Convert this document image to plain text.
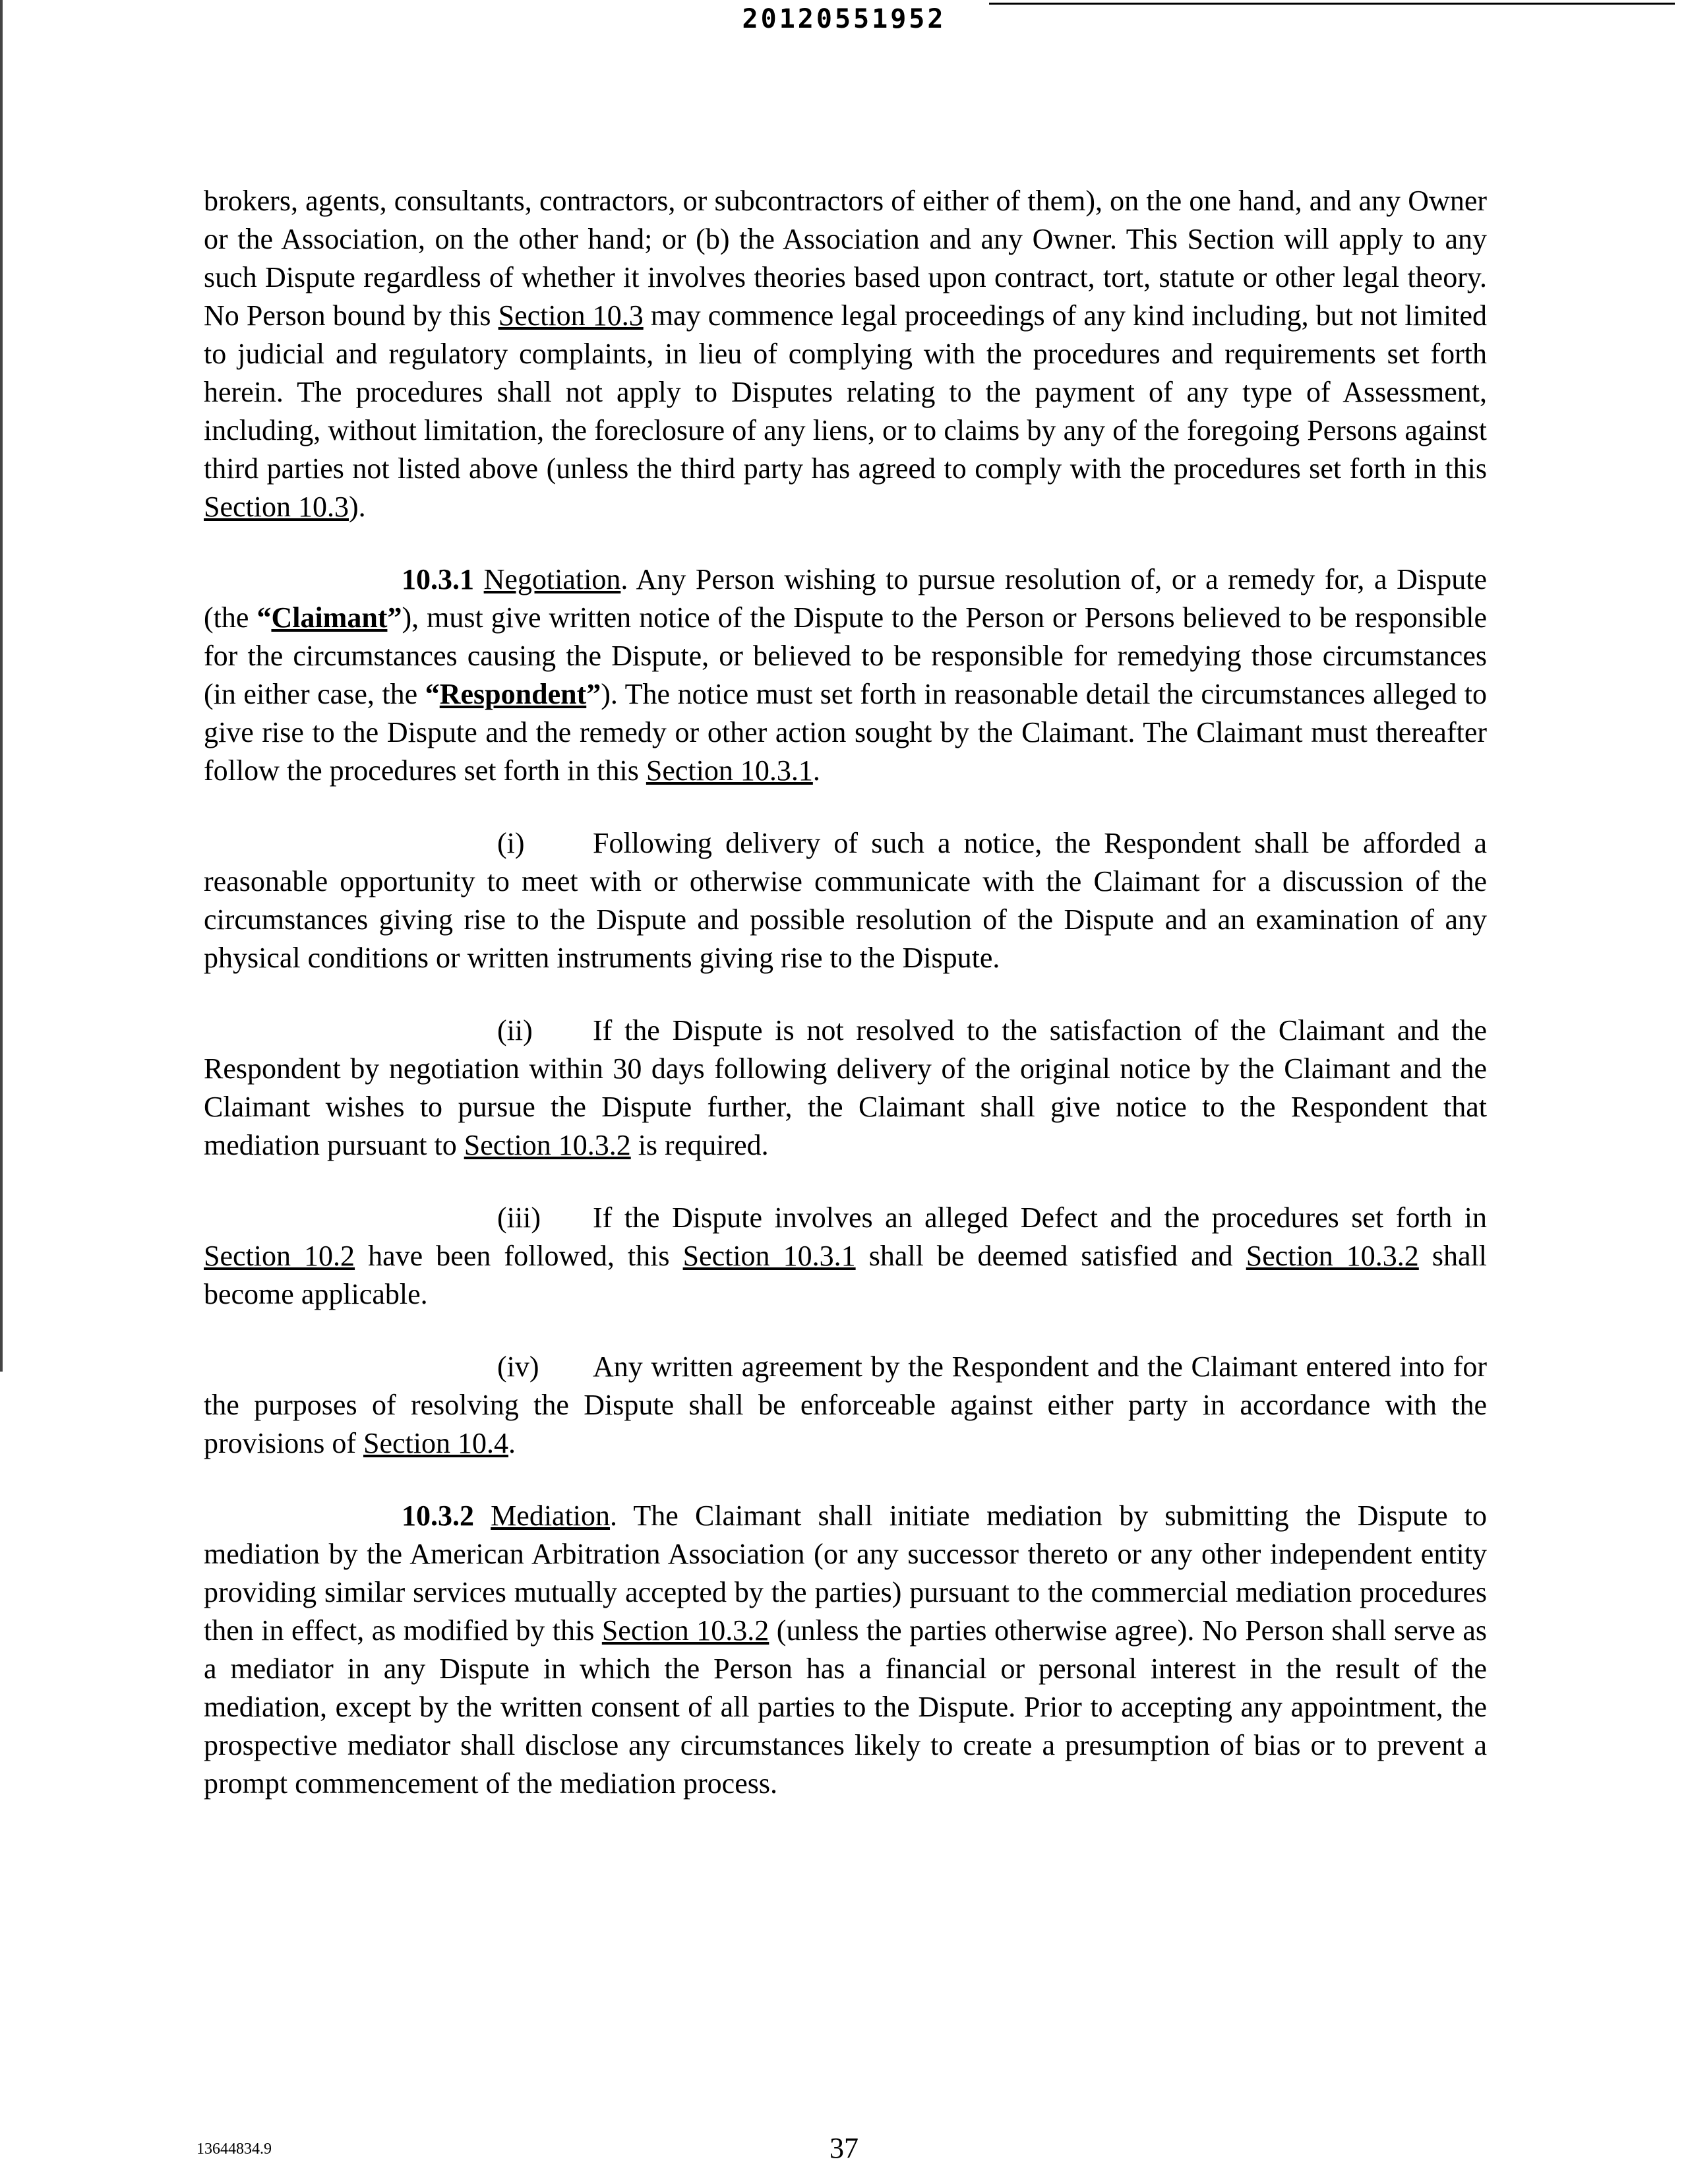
20120551952

brokers, agents, consultants, contractors, or subcontractors of either of them), on the one hand, and any Owner or the Association, on the other hand; or (b) the Association and any Owner. This Section will apply to any such Dispute regardless of whether it involves theories based upon contract, tort, statute or other legal theory. No Person bound by this Section 10.3 may commence legal proceedings of any kind including, but not limited to judicial and regulatory complaints, in lieu of complying with the procedures and requirements set forth herein. The procedures shall not apply to Disputes relating to the payment of any type of Assessment, including, without limitation, the foreclosure of any liens, or to claims by any of the foregoing Persons against third parties not listed above (unless the third party has agreed to comply with the procedures set forth in this Section 10.3).

10.3.1 Negotiation. Any Person wishing to pursue resolution of, or a remedy for, a Dispute (the “Claimant”), must give written notice of the Dispute to the Person or Persons believed to be responsible for the circumstances causing the Dispute, or believed to be responsible for remedying those circumstances (in either case, the “Respondent”). The notice must set forth in reasonable detail the circumstances alleged to give rise to the Dispute and the remedy or other action sought by the Claimant. The Claimant must thereafter follow the procedures set forth in this Section 10.3.1.

(i) Following delivery of such a notice, the Respondent shall be afforded a reasonable opportunity to meet with or otherwise communicate with the Claimant for a discussion of the circumstances giving rise to the Dispute and possible resolution of the Dispute and an examination of any physical conditions or written instruments giving rise to the Dispute.

(ii) If the Dispute is not resolved to the satisfaction of the Claimant and the Respondent by negotiation within 30 days following delivery of the original notice by the Claimant and the Claimant wishes to pursue the Dispute further, the Claimant shall give notice to the Respondent that mediation pursuant to Section 10.3.2 is required.

(iii) If the Dispute involves an alleged Defect and the procedures set forth in Section 10.2 have been followed, this Section 10.3.1 shall be deemed satisfied and Section 10.3.2 shall become applicable.

(iv) Any written agreement by the Respondent and the Claimant entered into for the purposes of resolving the Dispute shall be enforceable against either party in accordance with the provisions of Section 10.4.

10.3.2 Mediation. The Claimant shall initiate mediation by submitting the Dispute to mediation by the American Arbitration Association (or any successor thereto or any other independent entity providing similar services mutually accepted by the parties) pursuant to the commercial mediation procedures then in effect, as modified by this Section 10.3.2 (unless the parties otherwise agree). No Person shall serve as a mediator in any Dispute in which the Person has a financial or personal interest in the result of the mediation, except by the written consent of all parties to the Dispute. Prior to accepting any appointment, the prospective mediator shall disclose any circumstances likely to create a presumption of bias or to prevent a prompt commencement of the mediation process.

13644834.9	37
